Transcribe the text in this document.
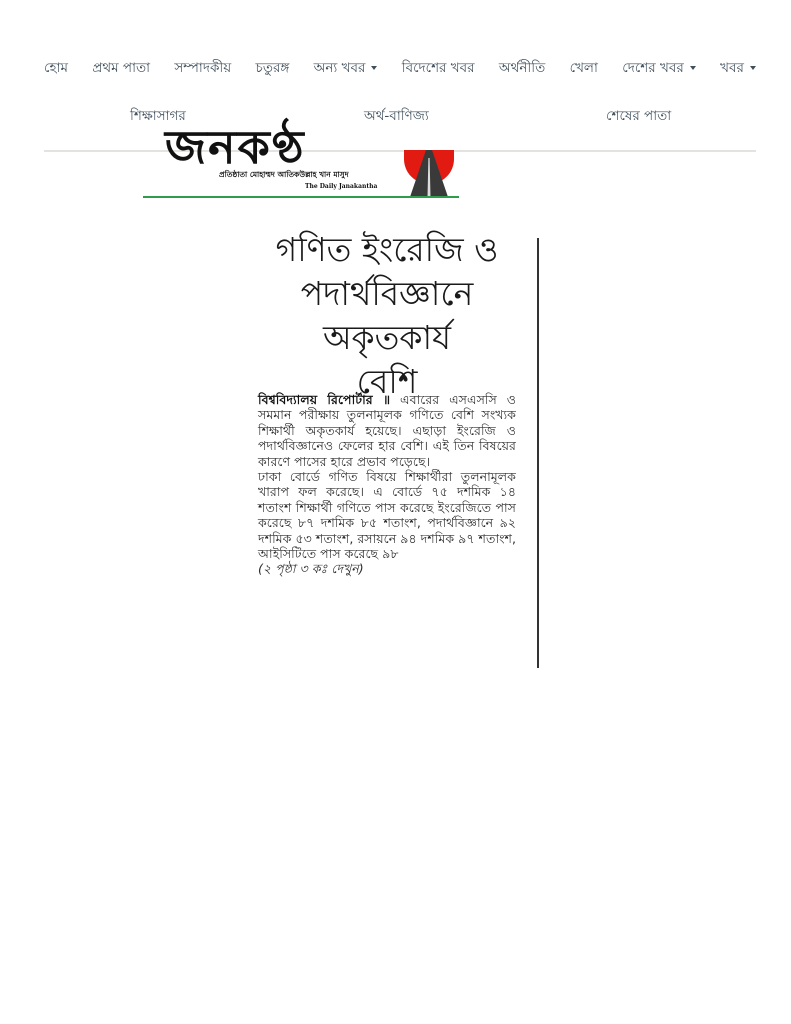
হোম প্রথম পাতা সম্পাদকীয় চতুরঙ্গ অন্য খবর	বিদেশের খবর অর্থনীতি খেলা দেশের খবর	খবর
শিক্ষাসাগর	অর্থ-বাণিজ্য	শেষের পাতা
জনকণ্ঠ
প্রতিষ্ঠাতা মোহাম্মদ আতিকউল্লাহ খান মাসুদ
The Daily Janakantha
গণিত ইংরেজি ও
পদার্থবিজ্ঞানে
অকৃতকার্য
বেশি

বিশ্ববিদ্যালয় রিপোর্টার ॥ এবারের এসএসসি ও সমমান পরীক্ষায় তুলনামূলক গণিতে বেশি সংখ্যক শিক্ষার্থী অকৃতকার্য হয়েছে। এছাড়া ইংরেজি ও পদার্থবিজ্ঞানেও ফেলের হার বেশি। এই তিন বিষয়ের কারণে পাসের হারে প্রভাব পড়েছে।

ঢাকা বোর্ডে গণিত বিষয়ে শিক্ষার্থীরা তুলনামূলক খারাপ ফল করেছে। এ বোর্ডে ৭৫ দশমিক ১৪ শতাংশ শিক্ষার্থী গণিতে পাস করেছে ইংরেজিতে পাস করেছে ৮৭ দশমিক ৮৫ শতাংশ, পদার্থবিজ্ঞানে ৯২ দশমিক ৫৩ শতাংশ, রসায়নে ৯৪ দশমিক ৯৭ শতাংশ, আইসিটিতে পাস করেছে ৯৮

(২ পৃষ্ঠা ৩ কঃ দেখুন)
